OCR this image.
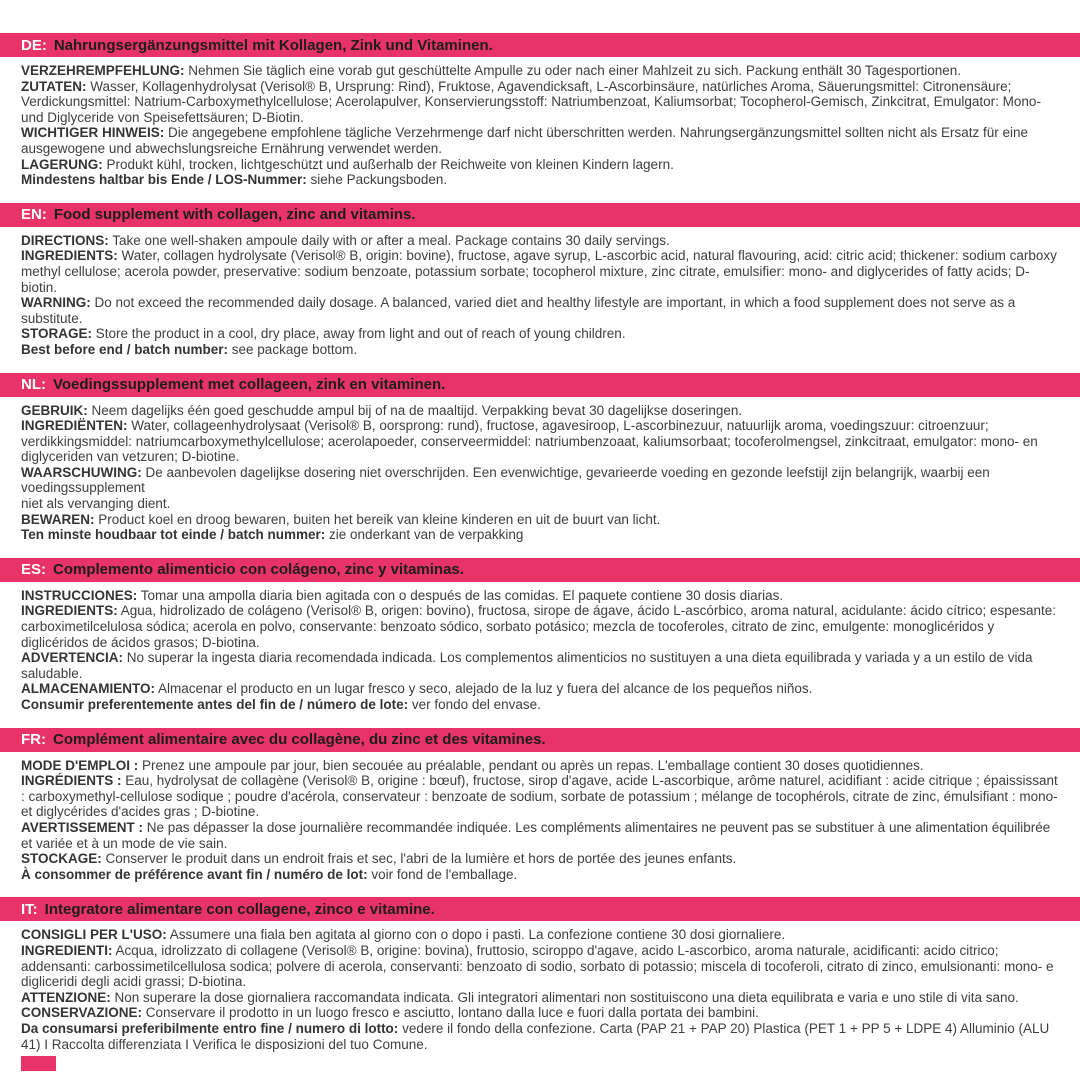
DE: Nahrungsergänzungsmittel mit Kollagen, Zink und Vitaminen.

VERZEHREMPFEHLUNG: Nehmen Sie täglich eine vorab gut geschüttelte Ampulle zu oder nach einer Mahlzeit zu sich. Packung enthält 30 Tagesportionen.

ZUTATEN: Wasser, Kollagenhydrolysat (Verisol® B, Ursprung: Rind), Fruktose, Agavendicksaft, L-Ascorbinsäure, natürliches Aroma, Säuerungsmittel: Citronensäure; Verdickungsmittel: Natrium-Carboxymethylcellulose; Acerolapulver, Konservierungsstoff: Natriumbenzoat, Kaliumsorbat; Tocopherol-Gemisch, Zinkcitrat, Emulgator: Mono- und Diglyceride von Speisefettsäuren; D-Biotin.

WICHTIGER HINWEIS: Die angegebene empfohlene tägliche Verzehrmenge darf nicht überschritten werden. Nahrungsergänzungsmittel sollten nicht als Ersatz für eine ausgewogene und abwechslungsreiche Ernährung verwendet werden.

LAGERUNG: Produkt kühl, trocken, lichtgeschützt und außerhalb der Reichweite von kleinen Kindern lagern.

Mindestens haltbar bis Ende / LOS-Nummer: siehe Packungsboden.

EN: Food supplement with collagen, zinc and vitamins.

DIRECTIONS: Take one well-shaken ampoule daily with or after a meal. Package contains 30 daily servings.

INGREDIENTS: Water, collagen hydrolysate (Verisol® B, origin: bovine), fructose, agave syrup, L-ascorbic acid, natural flavouring, acid: citric acid; thickener: sodium carboxy methyl cellulose; acerola powder, preservative: sodium benzoate, potassium sorbate; tocopherol mixture, zinc citrate, emulsifier: mono- and diglycerides of fatty acids; D-biotin.

WARNING: Do not exceed the recommended daily dosage. A balanced, varied diet and healthy lifestyle are important, in which a food supplement does not serve as a substitute.

STORAGE: Store the product in a cool, dry place, away from light and out of reach of young children.

Best before end / batch number: see package bottom.

NL: Voedingssupplement met collageen, zink en vitaminen.

GEBRUIK: Neem dagelijks één goed geschudde ampul bij of na de maaltijd. Verpakking bevat 30 dagelijkse doseringen.

INGREDIËNTEN: Water, collageenhydrolysaat (Verisol® B, oorsprong: rund), fructose, agavesiroop, L-ascorbinezuur, natuurlijk aroma, voedingszuur: citroenzuur; verdikkingsmiddel: natriumcarboxymethylcellulose; acerolapoeder, conserveermiddel: natriumbenzoaat, kaliumsorbaat; tocoferolmengsel, zinkcitraat, emulgator: mono- en diglyceriden van vetzuren; D-biotine.

WAARSCHUWING: De aanbevolen dagelijkse dosering niet overschrijden. Een evenwichtige, gevarieerde voeding en gezonde leefstijl zijn belangrijk, waarbij een voedingssupplement

niet als vervanging dient.

BEWAREN: Product koel en droog bewaren, buiten het bereik van kleine kinderen en uit de buurt van licht.

Ten minste houdbaar tot einde / batch nummer: zie onderkant van de verpakking

ES: Complemento alimenticio con colágeno, zinc y vitaminas.

INSTRUCCIONES: Tomar una ampolla diaria bien agitada con o después de las comidas. El paquete contiene 30 dosis diarias.

INGREDIENTS: Agua, hidrolizado de colágeno (Verisol® B, origen: bovino), fructosa, sirope de ágave, ácido L-ascórbico, aroma natural, acidulante: ácido cítrico; espesante: carboximetilcelulosa sódica; acerola en polvo, conservante: benzoato sódico, sorbato potásico; mezcla de tocoferoles, citrato de zinc, emulgente: monoglicéridos y diglicéridos de ácidos grasos; D-biotina.

ADVERTENCIA: No superar la ingesta diaria recomendada indicada. Los complementos alimenticios no sustituyen a una dieta equilibrada y variada y a un estilo de vida saludable.

ALMACENAMIENTO: Almacenar el producto en un lugar fresco y seco, alejado de la luz y fuera del alcance de los pequeños niños.

Consumir preferentemente antes del fin de / número de lote: ver fondo del envase.

FR: Complément alimentaire avec du collagène, du zinc et des vitamines.

MODE D'EMPLOI : Prenez une ampoule par jour, bien secouée au préalable, pendant ou après un repas. L'emballage contient 30 doses quotidiennes.

INGRÉDIENTS : Eau, hydrolysat de collagène (Verisol® B, origine : bœuf), fructose, sirop d'agave, acide L-ascorbique, arôme naturel, acidifiant : acide citrique ; épaississant : carboxymethyl-cellulose sodique ; poudre d'acérola, conservateur : benzoate de sodium, sorbate de potassium ; mélange de tocophérols, citrate de zinc, émulsifiant : mono- et diglycérides d'acides gras ; D-biotine.

AVERTISSEMENT : Ne pas dépasser la dose journalière recommandée indiquée. Les compléments alimentaires ne peuvent pas se substituer à une alimentation équilibrée et variée et à un mode de vie sain.

STOCKAGE: Conserver le produit dans un endroit frais et sec, l'abri de la lumière et hors de portée des jeunes enfants.

À consommer de préférence avant fin / numéro de lot: voir fond de l'emballage.

IT: Integratore alimentare con collagene, zinco e vitamine.

CONSIGLI PER L'USO: Assumere una fiala ben agitata al giorno con o dopo i pasti. La confezione contiene 30 dosi giornaliere.

INGREDIENTI: Acqua, idrolizzato di collagene (Verisol® B, origine: bovina), fruttosio, sciroppo d'agave, acido L-ascorbico, aroma naturale, acidificanti: acido citrico; addensanti: carbossimetilcellulosa sodica; polvere di acerola, conservanti: benzoato di sodio, sorbato di potassio; miscela di tocoferoli, citrato di zinco, emulsionanti: mono- e digliceridi degli acidi grassi; D-biotina.

ATTENZIONE: Non superare la dose giornaliera raccomandata indicata. Gli integratori alimentari non sostituiscono una dieta equilibrata e varia e uno stile di vita sano.

CONSERVAZIONE: Conservare il prodotto in un luogo fresco e asciutto, lontano dalla luce e fuori dalla portata dei bambini.

Da consumarsi preferibilmente entro fine / numero di lotto: vedere il fondo della confezione. Carta (PAP 21 + PAP 20) Plastica (PET 1 + PP 5 + LDPE 4) Alluminio (ALU 41) I Raccolta differenziata I Verifica le disposizioni del tuo Comune.
